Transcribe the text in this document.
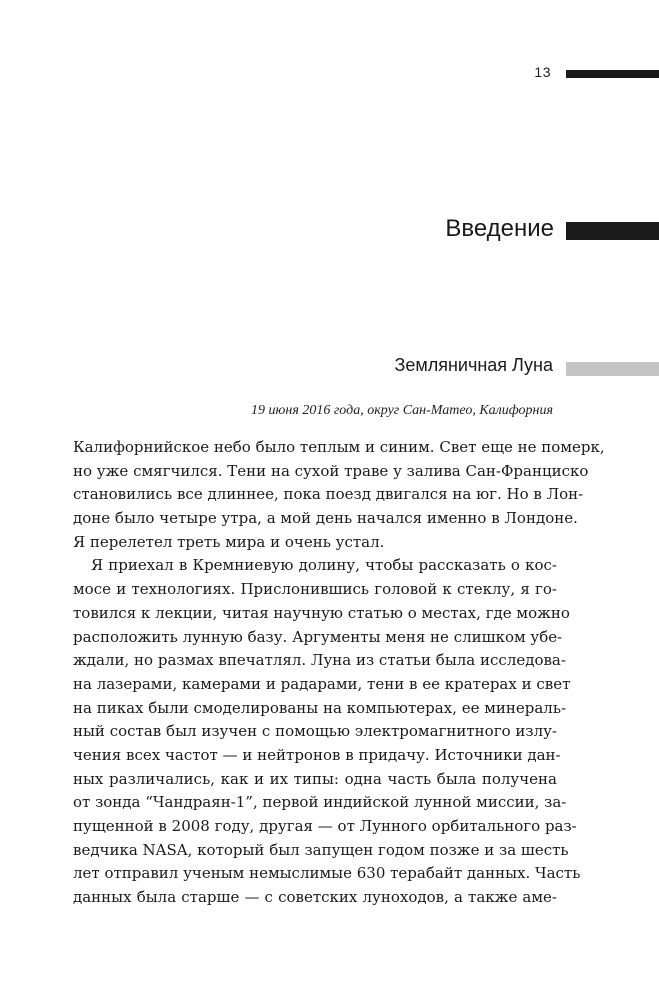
13
Введение
Земляничная Луна
19 июня 2016 года, округ Сан-Матео, Калифорния
Калифорнийское небо было теплым и синим. Свет еще не померк,
но уже смягчился. Тени на сухой траве у залива Сан-Франциско
становились все длиннее, пока поезд двигался на юг. Но в Лон-
доне было четыре утра, а мой день начался именно в Лондоне.
Я перелетел треть мира и очень устал.
Я приехал в Кремниевую долину, чтобы рассказать о кос-
мосе и технологиях. Прислонившись головой к стеклу, я го-
товился к лекции, читая научную статью о местах, где можно
расположить лунную базу. Аргументы меня не слишком убе-
ждали, но размах впечатлял. Луна из статьи была исследова-
на лазерами, камерами и радарами, тени в ее кратерах и свет
на пиках были смоделированы на компьютерах, ее минераль-
ный состав был изучен с помощью электромагнитного излу-
чения всех частот — и нейтронов в придачу. Источники дан-
ных различались, как и их типы: одна часть была получена
от зонда “Чандраян-1”, первой индийской лунной миссии, за-
пущенной в 2008 году, другая — от Лунного орбитального раз-
ведчика NASA, который был запущен годом позже и за шесть
лет отправил ученым немыслимые 630 терабайт данных. Часть
данных была старше — с советских луноходов, а также аме-
